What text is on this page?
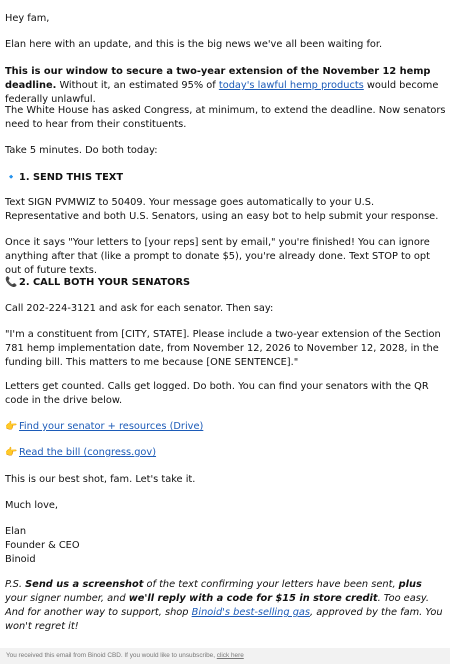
Hey fam,

Elan here with an update, and this is the big news we've all been waiting for.

This is our window to secure a two-year extension of the November 12 hemp deadline. Without it, an estimated 95% of today's lawful hemp products would become federally unlawful.

The White House has asked Congress, at minimum, to extend the deadline. Now senators need to hear from their constituents.

Take 5 minutes. Do both today:

🔹 1. SEND THIS TEXT

Text SIGN PVMWIZ to 50409. Your message goes automatically to your U.S. Representative and both U.S. Senators, using an easy bot to help submit your response.

Once it says "Your letters to [your reps] sent by email," you're finished! You can ignore anything after that (like a prompt to donate $5), you're already done. Text STOP to opt out of future texts.

📞 2. CALL BOTH YOUR SENATORS

Call 202-224-3121 and ask for each senator. Then say:

"I'm a constituent from [CITY, STATE]. Please include a two-year extension of the Section 781 hemp implementation date, from November 12, 2026 to November 12, 2028, in the funding bill. This matters to me because [ONE SENTENCE]."

Letters get counted. Calls get logged. Do both. You can find your senators with the QR code in the drive below.

👉 Find your senator + resources (Drive)

👉 Read the bill (congress.gov)

This is our best shot, fam. Let's take it.

Much love,

Elan

Founder & CEO

Binoid

P.S. Send us a screenshot of the text confirming your letters have been sent, plus your signer number, and we'll reply with a code for $15 in store credit. Too easy. And for another way to support, shop Binoid's best-selling gas, approved by the fam. You won't regret it!

You received this email from Binoid CBD. If you would like to unsubscribe, click here
